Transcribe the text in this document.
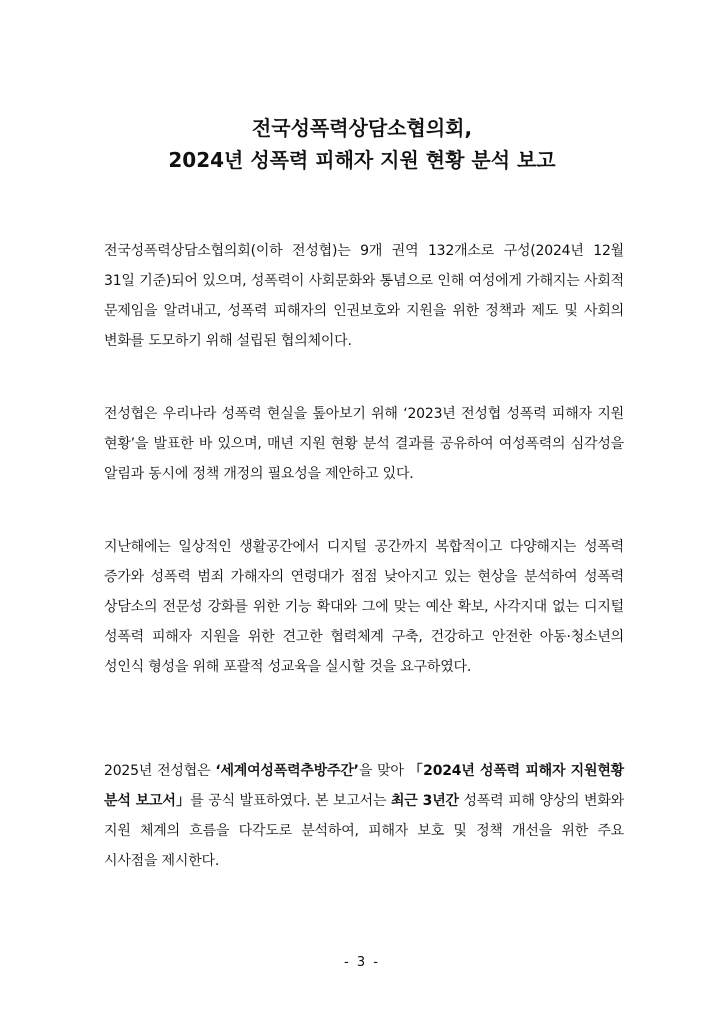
전국성폭력상담소협의회,
2024년 성폭력 피해자 지원 현황 분석 보고

전국성폭력상담소협의회(이하 전성협)는 9개 권역 132개소로 구성(2024년 12월 31일 기준)되어 있으며, 성폭력이 사회문화와 통념으로 인해 여성에게 가해지는 사회적 문제임을 알려내고, 성폭력 피해자의 인권보호와 지원을 위한 정책과 제도 및 사회의 변화를 도모하기 위해 설립된 협의체이다.

전성협은 우리나라 성폭력 현실을 톺아보기 위해 ‘2023년 전성협 성폭력 피해자 지원 현황’을 발표한 바 있으며, 매년 지원 현황 분석 결과를 공유하여 여성폭력의 심각성을 알림과 동시에 정책 개정의 필요성을 제안하고 있다.

지난해에는 일상적인 생활공간에서 디지털 공간까지 복합적이고 다양해지는 성폭력 증가와 성폭력 범죄 가해자의 연령대가 점점 낮아지고 있는 현상을 분석하여 성폭력 상담소의 전문성 강화를 위한 기능 확대와 그에 맞는 예산 확보, 사각지대 없는 디지털 성폭력 피해자 지원을 위한 견고한 협력체계 구축, 건강하고 안전한 아동·청소년의 성인식 형성을 위해 포괄적 성교육을 실시할 것을 요구하였다.

2025년 전성협은 ‘세계여성폭력추방주간’을 맞아 「2024년 성폭력 피해자 지원현황 분석 보고서」를 공식 발표하였다. 본 보고서는 최근 3년간 성폭력 피해 양상의 변화와 지원 체계의 흐름을 다각도로 분석하여, 피해자 보호 및 정책 개선을 위한 주요 시사점을 제시한다.

- 3 -
